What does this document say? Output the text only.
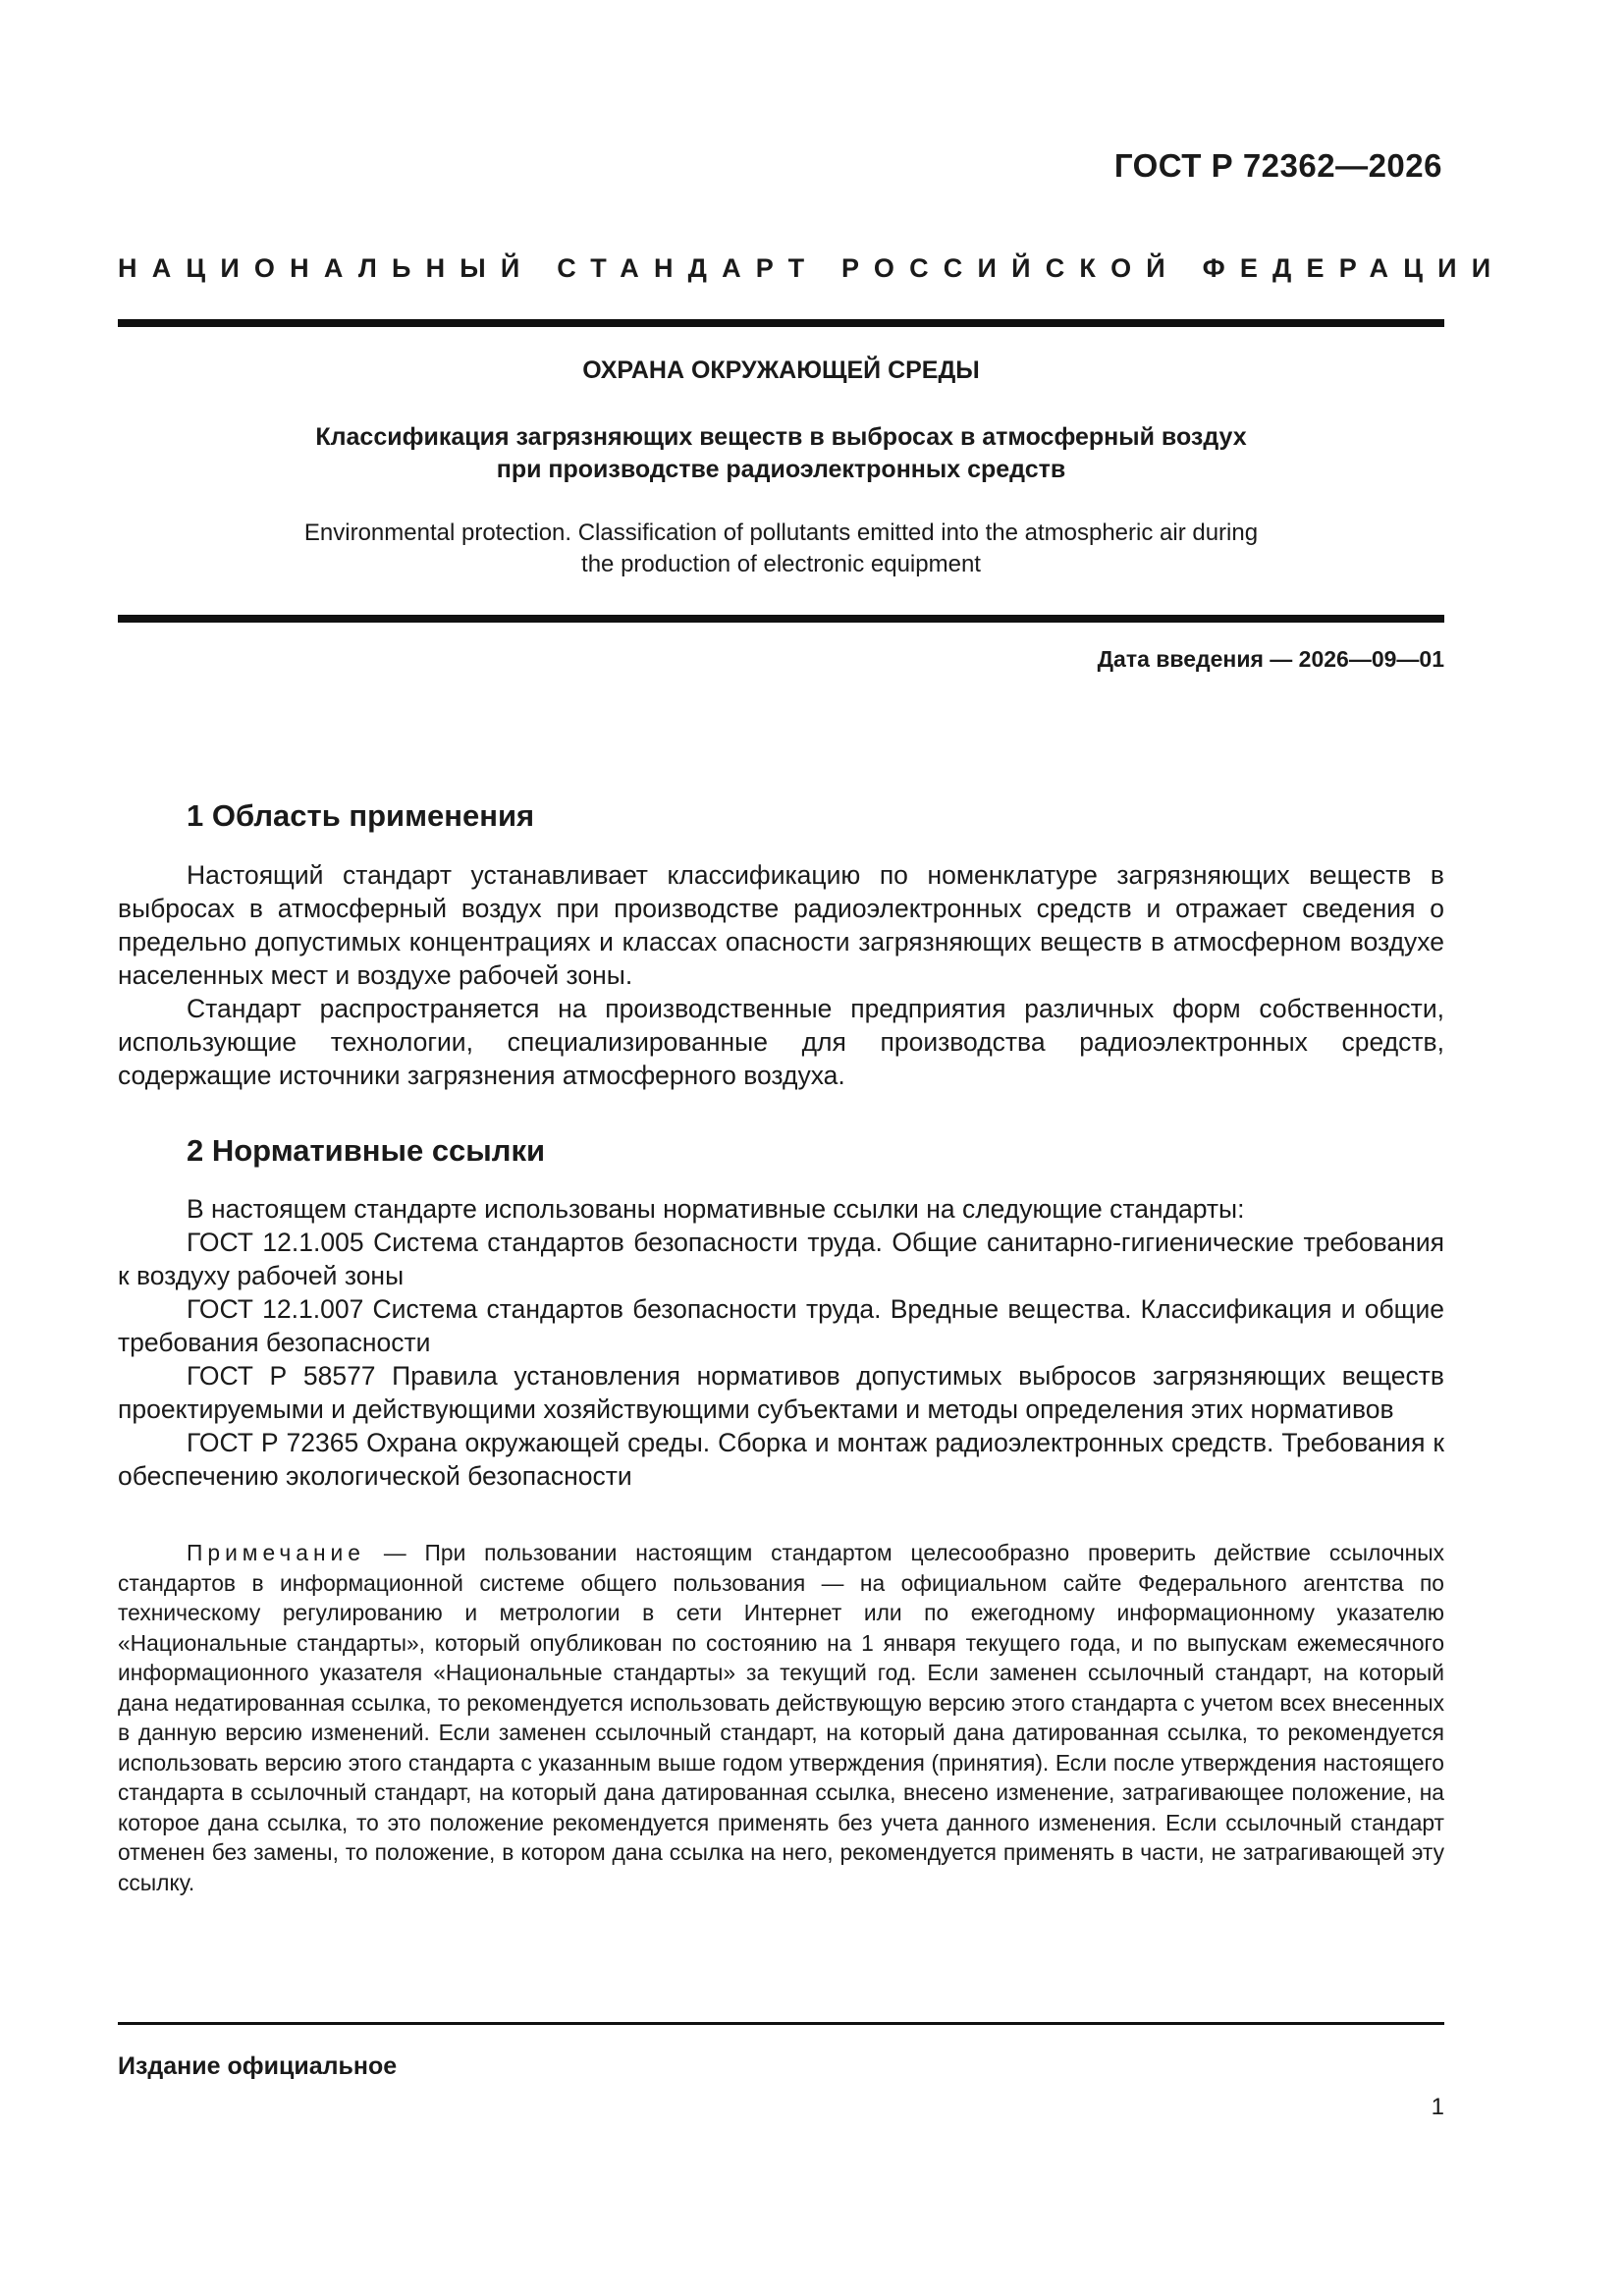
ГОСТ Р 72362—2026
НАЦИОНАЛЬНЫЙ СТАНДАРТ РОССИЙСКОЙ ФЕДЕРАЦИИ
ОХРАНА ОКРУЖАЮЩЕЙ СРЕДЫ
Классификация загрязняющих веществ в выбросах в атмосферный воздух
при производстве радиоэлектронных средств
Environmental protection. Classification of pollutants emitted into the atmospheric air during
the production of electronic equipment
Дата введения — 2026—09—01
1 Область применения

Настоящий стандарт устанавливает классификацию по номенклатуре загрязняющих веществ в выбросах в атмосферный воздух при производстве радиоэлектронных средств и отражает сведения о предельно допустимых концентрациях и классах опасности загрязняющих веществ в атмосферном воздухе населенных мест и воздухе рабочей зоны.

Стандарт распространяется на производственные предприятия различных форм собственности, использующие технологии, специализированные для производства радиоэлектронных средств, содержащие источники загрязнения атмосферного воздуха.

2 Нормативные ссылки

В настоящем стандарте использованы нормативные ссылки на следующие стандарты:

ГОСТ 12.1.005 Система стандартов безопасности труда. Общие санитарно-гигиенические требования к воздуху рабочей зоны

ГОСТ 12.1.007 Система стандартов безопасности труда. Вредные вещества. Классификация и общие требования безопасности

ГОСТ Р 58577 Правила установления нормативов допустимых выбросов загрязняющих веществ проектируемыми и действующими хозяйствующими субъектами и методы определения этих нормативов

ГОСТ Р 72365 Охрана окружающей среды. Сборка и монтаж радиоэлектронных средств. Требования к обеспечению экологической безопасности

Примечание — При пользовании настоящим стандартом целесообразно проверить действие ссылочных стандартов в информационной системе общего пользования — на официальном сайте Федерального агентства по техническому регулированию и метрологии в сети Интернет или по ежегодному информационному указателю «Национальные стандарты», который опубликован по состоянию на 1 января текущего года, и по выпускам ежемесячного информационного указателя «Национальные стандарты» за текущий год. Если заменен ссылочный стандарт, на который дана недатированная ссылка, то рекомендуется использовать действующую версию этого стандарта с учетом всех внесенных в данную версию изменений. Если заменен ссылочный стандарт, на который дана датированная ссылка, то рекомендуется использовать версию этого стандарта с указанным выше годом утверждения (принятия). Если после утверждения настоящего стандарта в ссылочный стандарт, на который дана датированная ссылка, внесено изменение, затрагивающее положение, на которое дана ссылка, то это положение рекомендуется применять без учета данного изменения. Если ссылочный стандарт отменен без замены, то положение, в котором дана ссылка на него, рекомендуется применять в части, не затрагивающей эту ссылку.

Издание официальное
1
